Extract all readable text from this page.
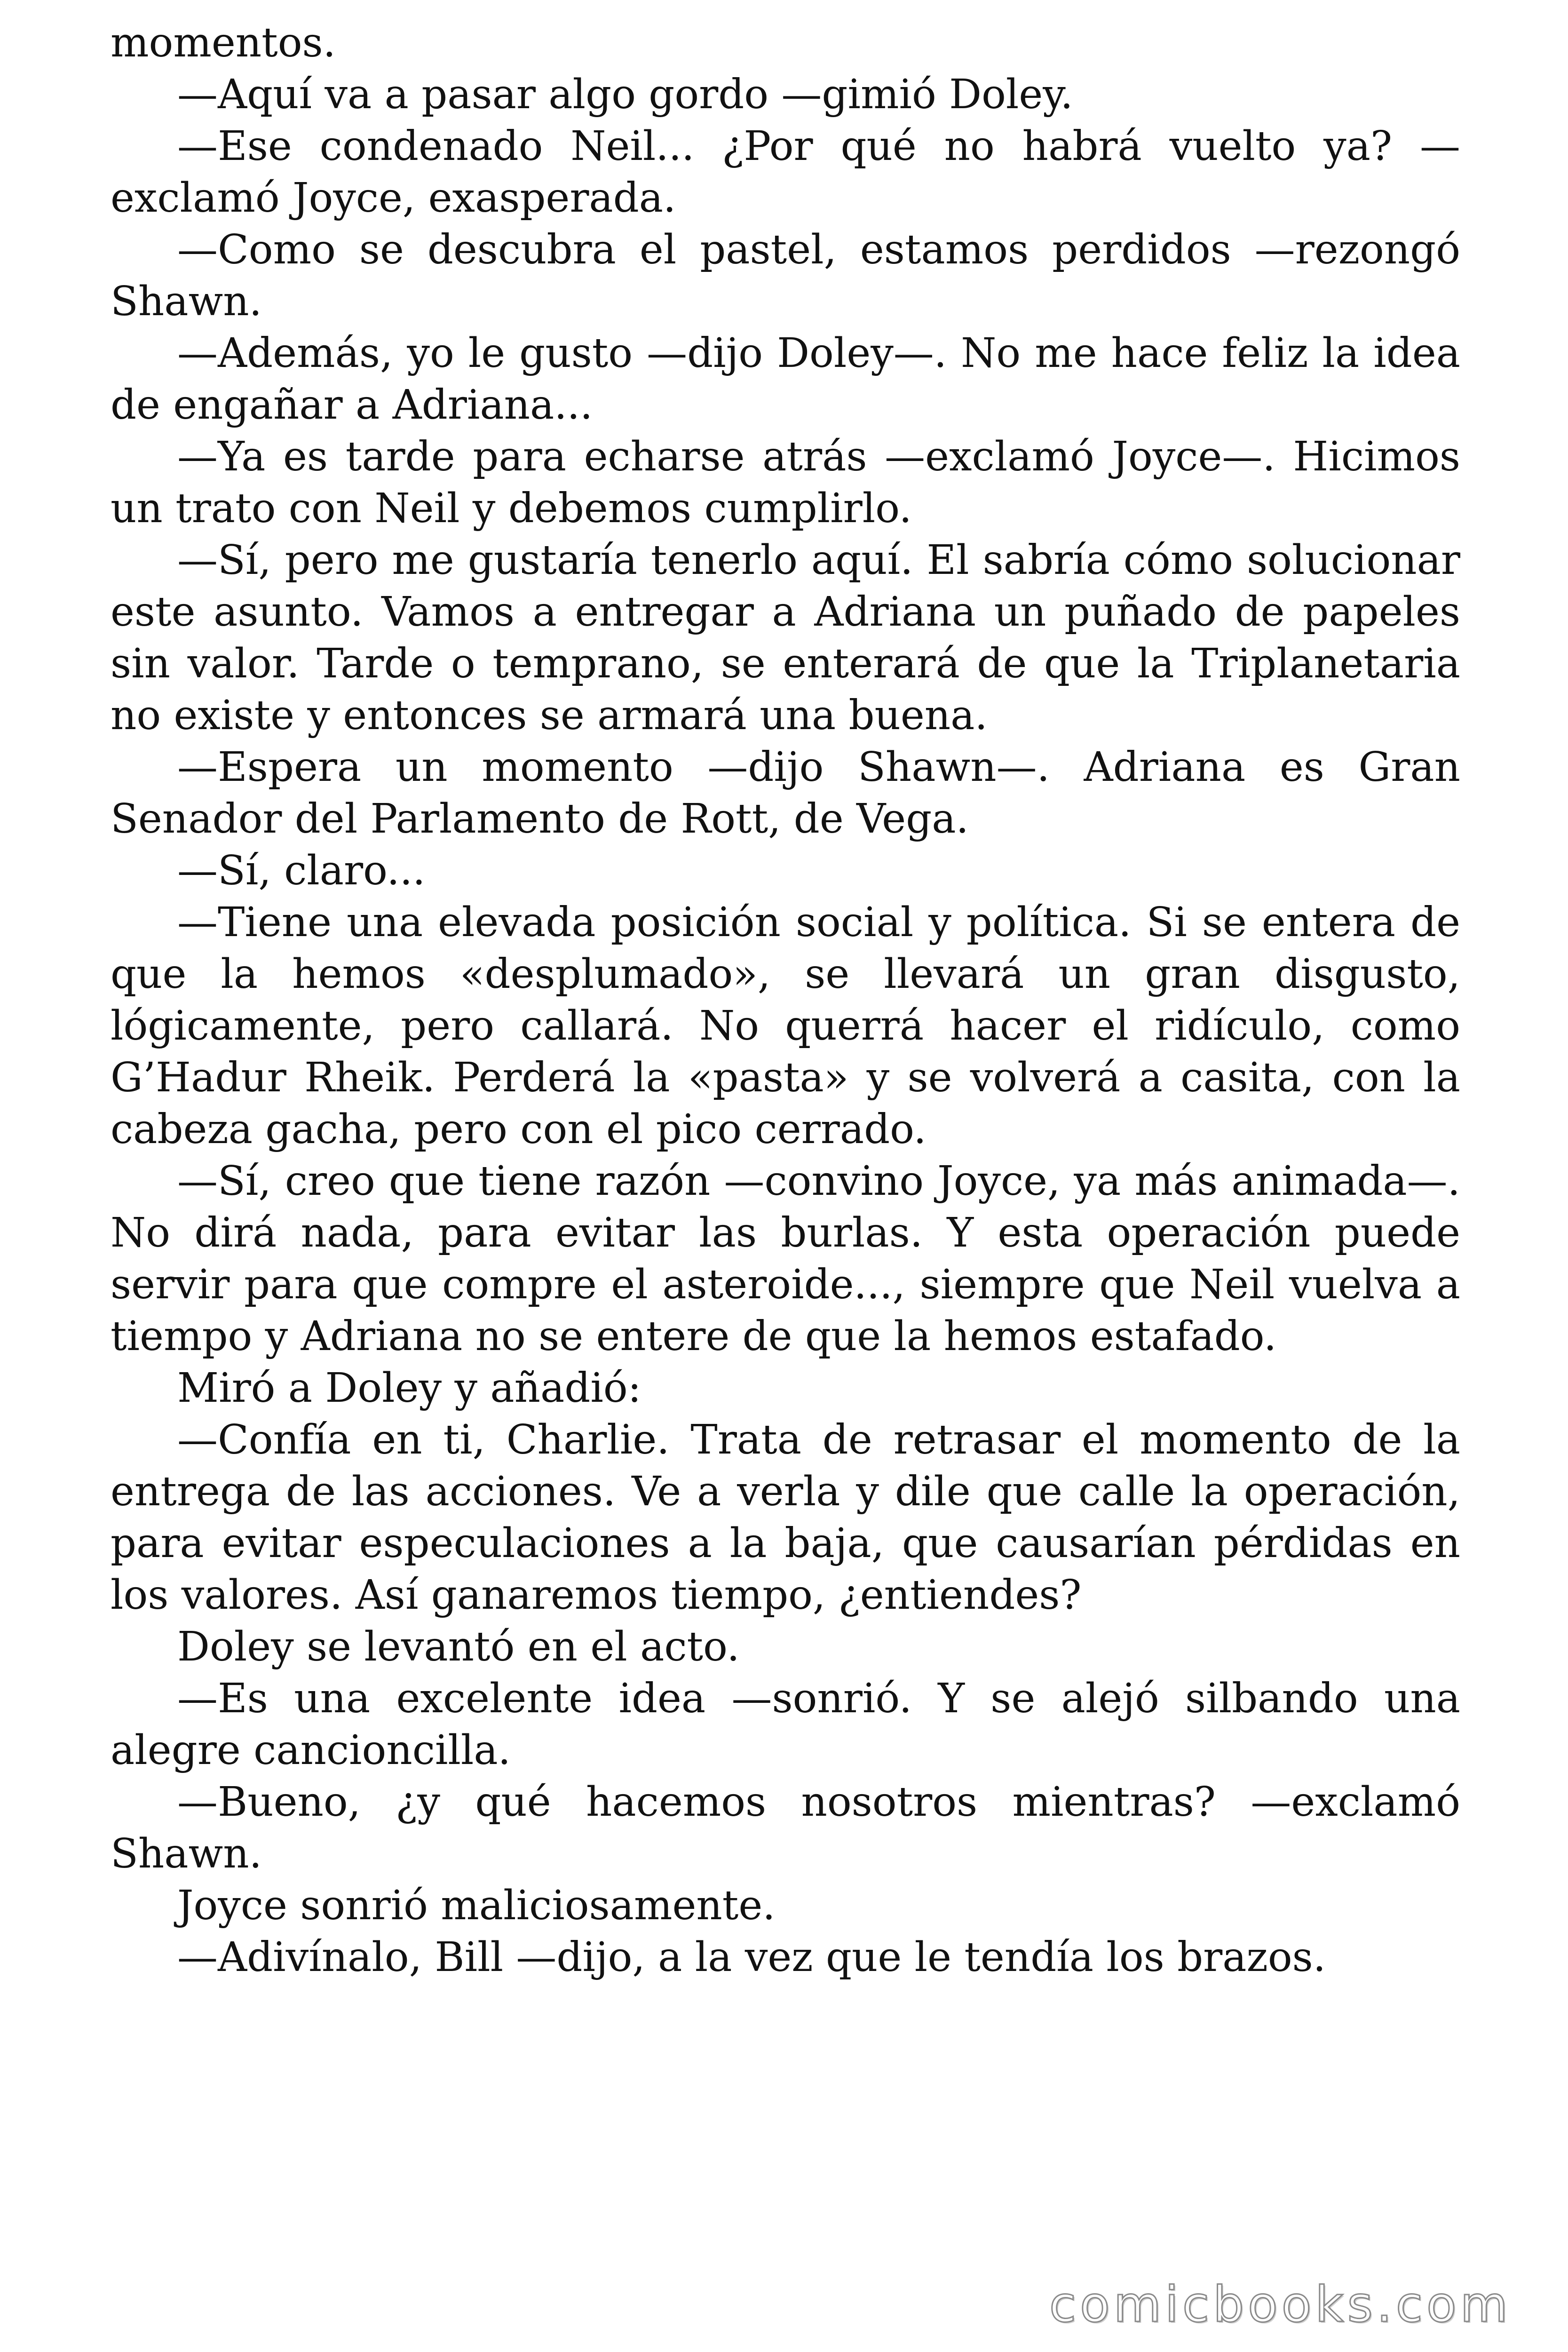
momentos.

—Aquí va a pasar algo gordo —gimió Doley.

—Ese condenado Neil... ¿Por qué no habrá vuelto ya? —exclamó Joyce, exasperada.

—Como se descubra el pastel, estamos perdidos —rezongó Shawn.

—Además, yo le gusto —dijo Doley—. No me hace feliz la idea de engañar a Adriana...

—Ya es tarde para echarse atrás —exclamó Joyce—. Hicimos un trato con Neil y debemos cumplirlo.

—Sí, pero me gustaría tenerlo aquí. El sabría cómo solucionar este asunto. Vamos a entregar a Adriana un puñado de papeles sin valor. Tarde o temprano, se enterará de que la Triplanetaria no existe y entonces se armará una buena.

—Espera un momento —dijo Shawn—. Adriana es Gran Senador del Parlamento de Rott, de Vega.

—Sí, claro...

—Tiene una elevada posición social y política. Si se entera de que la hemos «desplumado», se llevará un gran disgusto, lógicamente, pero callará. No querrá hacer el ridículo, como G’Hadur Rheik. Perderá la «pasta» y se volverá a casita, con la cabeza gacha, pero con el pico cerrado.

—Sí, creo que tiene razón —convino Joyce, ya más animada—. No dirá nada, para evitar las burlas. Y esta operación puede servir para que compre el asteroide..., siempre que Neil vuelva a tiempo y Adriana no se entere de que la hemos estafado.

Miró a Doley y añadió:

—Confía en ti, Charlie. Trata de retrasar el momento de la entrega de las acciones. Ve a verla y dile que calle la operación, para evitar especulaciones a la baja, que causarían pérdidas en los valores. Así ganaremos tiempo, ¿entiendes?

Doley se levantó en el acto.

—Es una excelente idea —sonrió. Y se alejó silbando una alegre cancioncilla.

—Bueno, ¿y qué hacemos nosotros mientras? —exclamó Shawn.

Joyce sonrió maliciosamente.

—Adivínalo, Bill —dijo, a la vez que le tendía los brazos.

comicbooks.com
